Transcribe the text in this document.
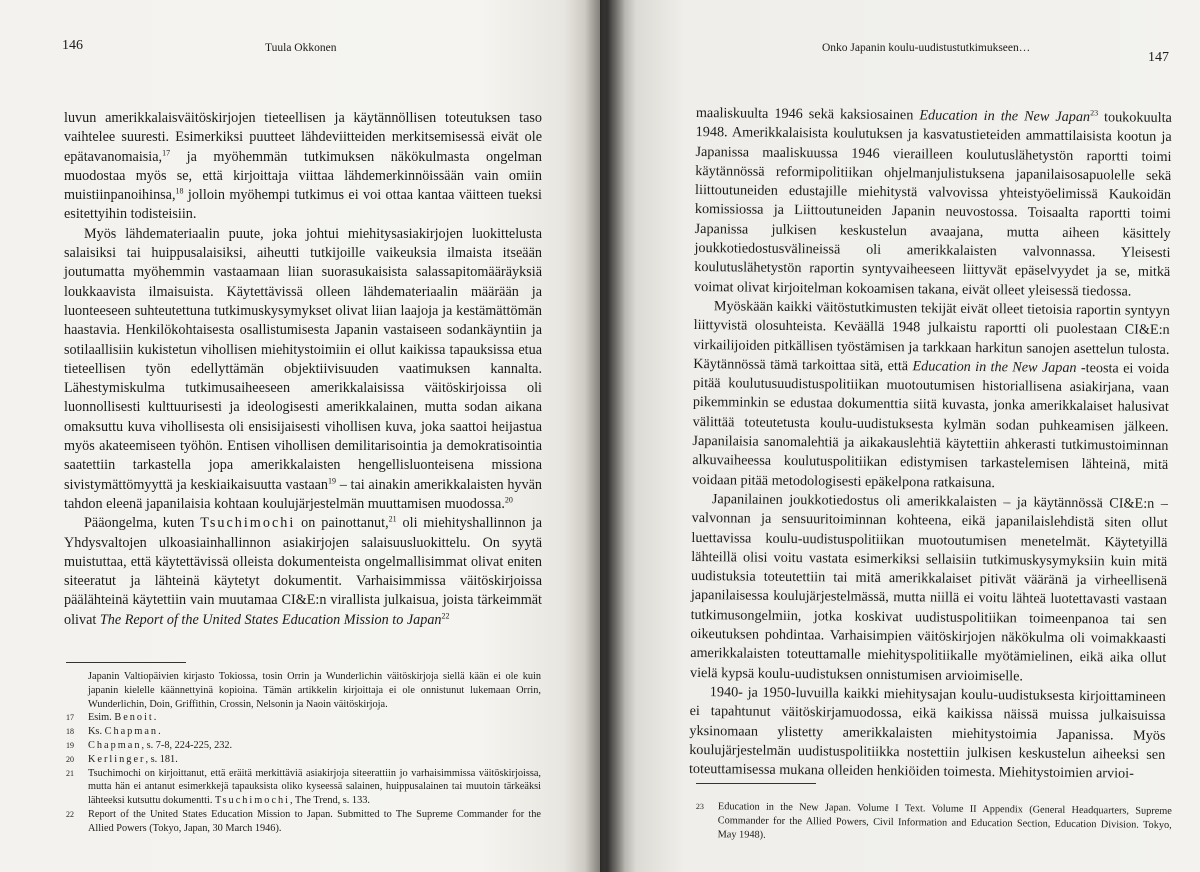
146	Tuula Okkonen

luvun amerikkalaisväitöskirjojen tieteellisen ja käytännöllisen toteutuksen taso vaihtelee suuresti. Esimerkiksi puutteet lähdeviitteiden merkitsemisessä eivät ole epätavanomaisia,$^{17}$ ja myöhemmän tutkimuksen näkökulmasta ongelman muodostaa myös se, että kirjoittaja viittaa lähdemerkinnöissään vain omiin muistiinpanoihinsa,$^{18}$ jolloin myöhempi tutkimus ei voi ottaa kantaa väitteen tueksi esitettyihin todisteisiin.

Myös lähdemateriaalin puute, joka johtui miehitysasiakirjojen luokittelusta salaisiksi tai huippusalaisiksi, aiheutti tutkijoille vaikeuksia ilmaista itseään joutumatta myöhemmin vastaamaan liian suorasukaisista salassapitomääräyksiä loukkaavista ilmaisuista. Käytettävissä olleen lähdemateriaalin määrään ja luonteeseen suhteutettuna tutkimuskysymykset olivat liian laajoja ja kestämättömän haastavia. Henkilökohtaisesta osallistumisesta Japanin vastaiseen sodankäyntiin ja sotilaallisiin kukistetun vihollisen miehitystoimiin ei ollut kaikissa tapauksissa etua tieteellisen työn edellyttämän objektiivisuuden vaatimuksen kannalta. Lähestymiskulma tutkimusaiheeseen amerikkalaisissa väitöskirjoissa oli luonnollisesti kulttuurisesti ja ideologisesti amerikkalainen, mutta sodan aikana omaksuttu kuva vihollisesta oli ensisijaisesti vihollisen kuva, joka saattoi heijastua myös akateemiseen työhön. Entisen vihollisen demilitarisointia ja demokratisointia saatettiin tarkastella jopa amerikkalaisten hengellisluonteisena missiona sivistymättömyyttä ja keskiaikaisuutta vastaan$^{19}$ – tai ainakin amerikkalaisten hyvän tahdon eleenä japanilaisia kohtaan koulujärjestelmän muuttamisen muodossa.$^{20}$

Pääongelma, kuten Tsuchimochi on painottanut,$^{21}$ oli miehityshallinnon ja Yhdysvaltojen ulkoasiainhallinnon asiakirjojen salaisuusluokittelu. On syytä muistuttaa, että käytettävissä olleista dokumenteista ongelmallisimmat olivat eniten siteeratut ja lähteinä käytetyt dokumentit. Varhaisimmissa väitöskirjoissa päälähteinä käytettiin vain muutamaa CI&E:n virallista julkaisua, joista tärkeimmät olivat The Report of the United States Education Mission to Japan$^{22}$

Japanin Valtiopäivien kirjasto Tokiossa, tosin Orrin ja Wunderlichin väitöskirjoja siellä kään ei ole kuin japanin kielelle käännettyinä kopioina. Tämän artikkelin kirjoittaja ei ole onnistunut lukemaan Orrin, Wunderlichin, Doin, Griffithin, Crossin, Nelsonin ja Naoin väitöskirjoja.
17 Esim. Benoit.
18 Ks. Chapman.
19 Chapman, s. 7-8, 224-225, 232.
20 Kerlinger, s. 181.
21 Tsuchimochi on kirjoittanut, että eräitä merkittäviä asiakirjoja siteerattiin jo varhaisimmissa väitöskirjoissa, mutta hän ei antanut esimerkkejä tapauksista oliko kyseessä salainen, huippusalainen tai muutoin tärkeäksi lähteeksi kutsuttu dokumentti. Tsuchimochi, The Trend, s. 133.
22 Report of the United States Education Mission to Japan. Submitted to The Supreme Commander for the Allied Powers (Tokyo, Japan, 30 March 1946).
147
Onko Japanin koulu-uudistustutkimukseen…

maaliskuulta 1946 sekä kaksiosainen Education in the New Japan$^{23}$ toukokuulta 1948. Amerikkalaisista koulutuksen ja kasvatustieteiden ammattilaisista kootun ja Japanissa maaliskuussa 1946 vierailleen koulutuslähetystön raportti toimi käytännössä reformipolitiikan ohjelmanjulistuksena japanilaisosapuolelle sekä liittoutuneiden edustajille miehitystä valvovissa yhteistyöelimissä Kaukoidän komissiossa ja Liittoutuneiden Japanin neuvostossa. Toisaalta raportti toimi Japanissa julkisen keskustelun avaajana, mutta aiheen käsittely joukkotiedostusvälineissä oli amerikkalaisten valvonnassa. Yleisesti koulutuslähetystön raportin syntyvaiheeseen liittyvät epäselvyydet ja se, mitkä voimat olivat kirjoitelman kokoamisen takana, eivät olleet yleisessä tiedossa.

Myöskään kaikki väitöstutkimusten tekijät eivät olleet tietoisia raportin syntyyn liittyvistä olosuhteista. Keväällä 1948 julkaistu raportti oli puolestaan CI&E:n virkailijoiden pitkällisen työstämisen ja tarkkaan harkitun sanojen asettelun tulosta. Käytännössä tämä tarkoittaa sitä, että Education in the New Japan -teosta ei voida pitää koulutusuudistuspolitiikan muotoutumisen historiallisena asiakirjana, vaan pikemminkin se edustaa dokumenttia siitä kuvasta, jonka amerikkalaiset halusivat välittää toteutetusta koulu-uudistuksesta kylmän sodan puhkeamisen jälkeen. Japanilaisia sanomalehtiä ja aikakauslehtiä käytettiin ahkerasti tutkimustoiminnan alkuvaiheessa koulutuspolitiikan edistymisen tarkastelemisen lähteinä, mitä voidaan pitää metodologisesti epäkelpona ratkaisuna.

Japanilainen joukkotiedostus oli amerikkalaisten – ja käytännössä CI&E:n – valvonnan ja sensuuritoiminnan kohteena, eikä japanilaislehdistä siten ollut luettavissa koulu-uudistuspolitiikan muotoutumisen menetelmät. Käytetyillä lähteillä olisi voitu vastata esimerkiksi sellaisiin tutkimuskysymyksiin kuin mitä uudistuksia toteutettiin tai mitä amerikkalaiset pitivät vääränä ja virheellisenä japanilaisessa koulujärjestelmässä, mutta niillä ei voitu lähteä luotettavasti vastaan tutkimusongelmiin, jotka koskivat uudistuspolitiikan toimeenpanoa tai sen oikeutuksen pohdintaa. Varhaisimpien väitöskirjojen näkökulma oli voimakkaasti amerikkalaisten toteuttamalle miehityspolitiikalle myötämielinen, eikä aika ollut vielä kypsä koulu-uudistuksen onnistumisen arvioimiselle.

1940- ja 1950-luvuilla kaikki miehitysajan koulu-uudistuksesta kirjoittamineen ei tapahtunut väitöskirjamuodossa, eikä kaikissa näissä muissa julkaisuissa yksinomaan ylistetty amerikkalaisten miehitystoimia Japanissa. Myös koulujärjestelmän uudistuspolitiikka nostettiin julkisen keskustelun aiheeksi sen toteuttamisessa mukana olleiden henkiöiden toimesta. Miehitystoimien arvioi-

23 Education in the New Japan. Volume I Text. Volume II Appendix (General Headquarters, Supreme Commander for the Allied Powers, Civil Information and Education Section, Education Division. Tokyo, May 1948).
